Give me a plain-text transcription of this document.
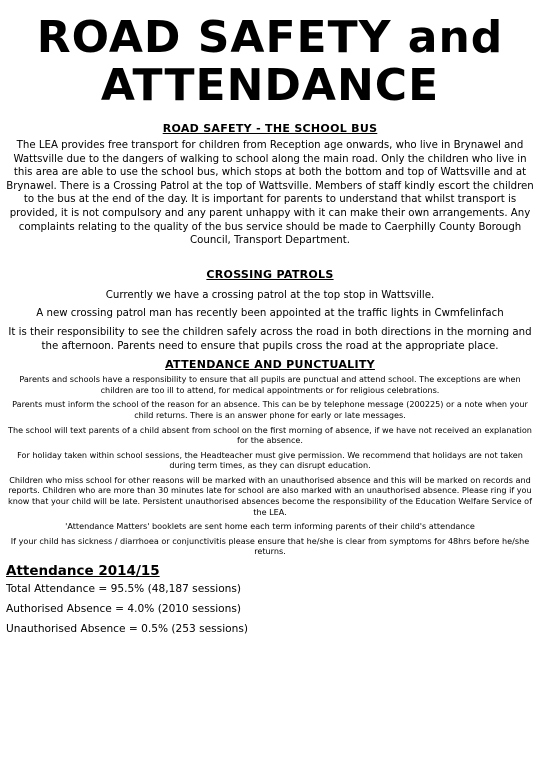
ROAD SAFETY and
ATTENDANCE
ROAD SAFETY - THE SCHOOL BUS
The LEA provides free transport for children from Reception age onwards, who live in Brynawel and Wattsville due to the dangers of walking to school along the main road. Only the children who live in this area are able to use the school bus, which stops at both the bottom and top of Wattsville and at Brynawel. There is a Crossing Patrol at the top of Wattsville. Members of staff kindly escort the children to the bus at the end of the day. It is important for parents to understand that whilst transport is provided, it is not compulsory and any parent unhappy with it can make their own arrangements. Any complaints relating to the quality of the bus service should be made to Caerphilly County Borough Council, Transport Department.
CROSSING PATROLS

Currently we have a crossing patrol at the top stop in Wattsville.

A new crossing patrol man has recently been appointed at the traffic lights in Cwmfelinfach

It is their responsibility to see the children safely across the road in both directions in the morning and the afternoon. Parents need to ensure that pupils cross the road at the appropriate place.

ATTENDANCE AND PUNCTUALITY

Parents and schools have a responsibility to ensure that all pupils are punctual and attend school. The exceptions are when children are too ill to attend, for medical appointments or for religious celebrations.

Parents must inform the school of the reason for an absence. This can be by telephone message (200225) or a note when your child returns. There is an answer phone for early or late messages.

The school will text parents of a child absent from school on the first morning of absence, if we have not received an explanation for the absence.

For holiday taken within school sessions, the Headteacher must give permission. We recommend that holidays are not taken during term times, as they can disrupt education.

Children who miss school for other reasons will be marked with an unauthorised absence and this will be marked on records and reports. Children who are more than 30 minutes late for school are also marked with an unauthorised absence. Please ring if you know that your child will be late. Persistent unauthorised absences become the responsibility of the Education Welfare Service of the LEA.

'Attendance Matters' booklets are sent home each term informing parents of their child's attendance

If your child has sickness / diarrhoea or conjunctivitis please ensure that he/she is clear from symptoms for 48hrs before he/she returns.

Attendance 2014/15
Total Attendance = 95.5% (48,187 sessions)
Authorised Absence = 4.0% (2010 sessions)
Unauthorised Absence = 0.5% (253 sessions)
